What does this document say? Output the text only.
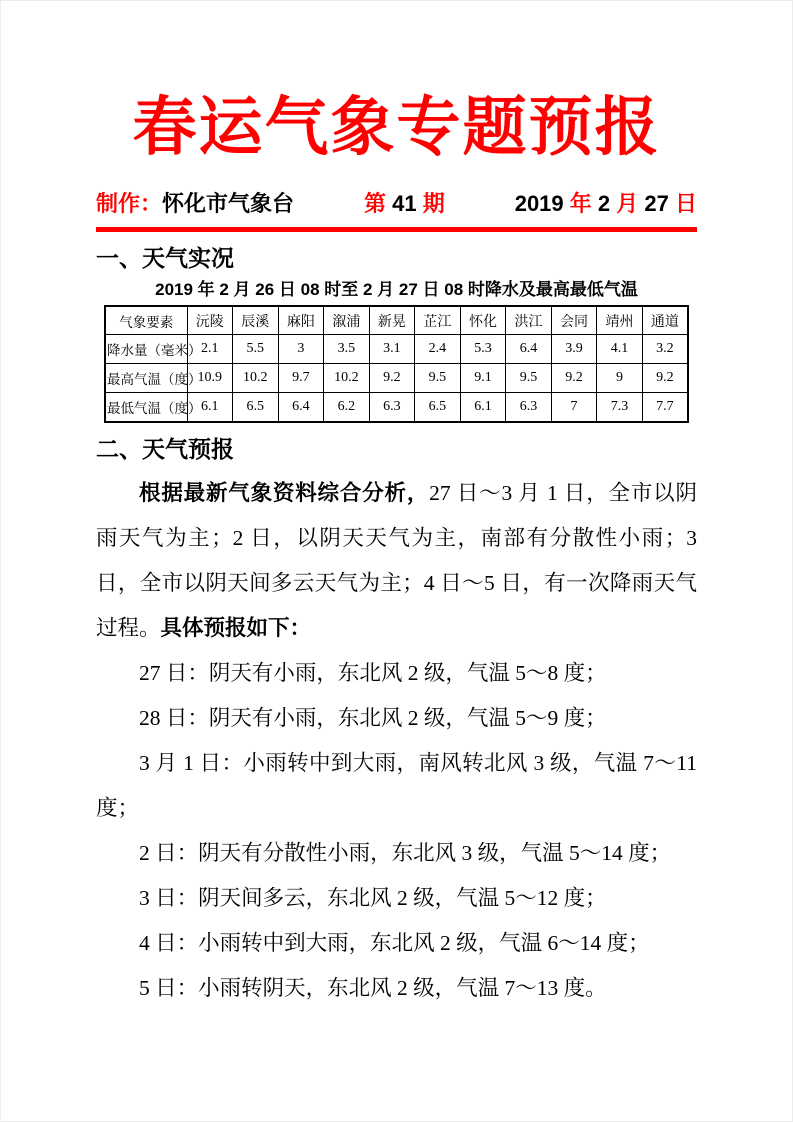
春运气象专题预报
制作：怀化市气象台	第 41 期	2019 年 2 月 27 日
一、天气实况
2019 年 2 月 26 日 08 时至 2 月 27 日 08 时降水及最高最低气温
气象要素	沅陵	辰溪	麻阳	溆浦	新晃	芷江	怀化	洪江	会同	靖州	通道
降水量（毫米）	2.1	5.5	3	3.5	3.1	2.4	5.3	6.4	3.9	4.1	3.2
最高气温（度）	10.9	10.2	9.7	10.2	9.2	9.5	9.1	9.5	9.2	9	9.2
最低气温（度）	6.1	6.5	6.4	6.2	6.3	6.5	6.1	6.3	7	7.3	7.7
二、天气预报

根据最新气象资料综合分析，27 日～3 月 1 日，全市以阴雨天气为主；2 日，以阴天天气为主，南部有分散性小雨；3 日，全市以阴天间多云天气为主；4 日～5 日，有一次降雨天气过程。具体预报如下：

27 日：阴天有小雨，东北风 2 级，气温 5～8 度；

28 日：阴天有小雨，东北风 2 级，气温 5～9 度；

3 月 1 日：小雨转中到大雨，南风转北风 3 级，气温 7～11 度；

2 日：阴天有分散性小雨，东北风 3 级，气温 5～14 度；

3 日：阴天间多云，东北风 2 级，气温 5～12 度；

4 日：小雨转中到大雨，东北风 2 级，气温 6～14 度；

5 日：小雨转阴天，东北风 2 级，气温 7～13 度。
